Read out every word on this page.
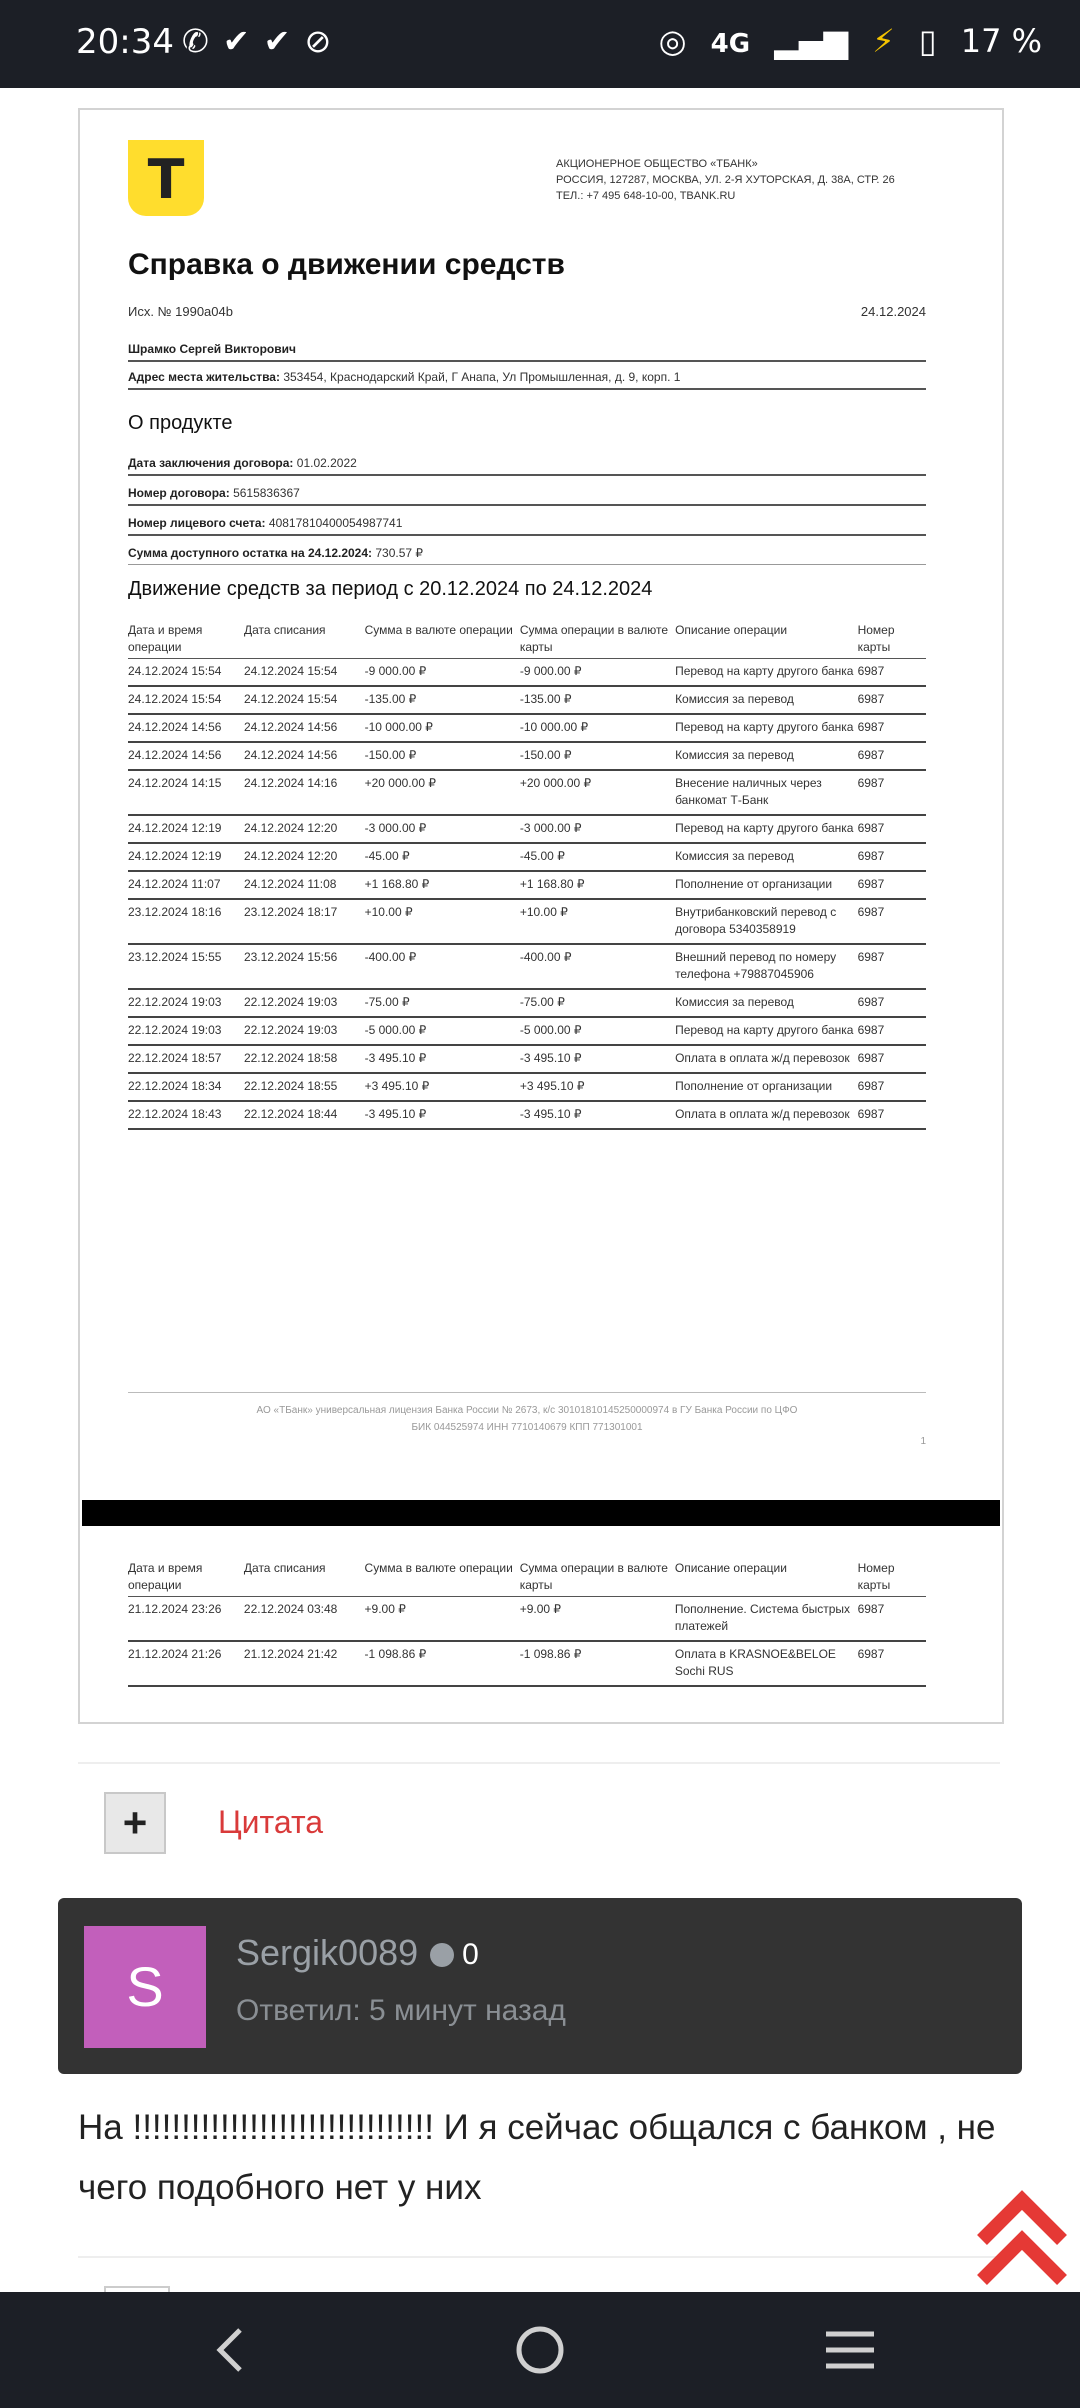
20:34 ✆✔✔⊘	◎ 4G ▂▄▆ ⚡ ▯ 17 %
T	АКЦИОНЕРНОЕ ОБЩЕСТВО «ТБАНК»
РОССИЯ, 127287, МОСКВА, УЛ. 2-Я ХУТОРСКАЯ, Д. 38А, СТР. 26
ТЕЛ.: +7 495 648-10-00, TBANK.RU
Справка о движении средств
Исх. № 1990a04b	24.12.2024
Шрамко Сергей Викторович
Адрес места жительства: 353454, Краснодарский Край, Г Анапа, Ул Промышленная, д. 9, корп. 1
О продукте
Дата заключения договора: 01.02.2022
Номер договора: 5615836367
Номер лицевого счета: 40817810400054987741
Сумма доступного остатка на 24.12.2024: 730.57 ₽
Движение средств за период с 20.12.2024 по 24.12.2024
Дата и время операции	Дата списания	Сумма в валюте операции	Сумма операции в валюте карты	Описание операции	Номер карты
24.12.2024 15:54	24.12.2024 15:54	-9 000.00 ₽	-9 000.00 ₽	Перевод на карту другого банка	6987
24.12.2024 15:54	24.12.2024 15:54	-135.00 ₽	-135.00 ₽	Комиссия за перевод	6987
24.12.2024 14:56	24.12.2024 14:56	-10 000.00 ₽	-10 000.00 ₽	Перевод на карту другого банка	6987
24.12.2024 14:56	24.12.2024 14:56	-150.00 ₽	-150.00 ₽	Комиссия за перевод	6987
24.12.2024 14:15	24.12.2024 14:16	+20 000.00 ₽	+20 000.00 ₽	Внесение наличных через банкомат Т-Банк	6987
24.12.2024 12:19	24.12.2024 12:20	-3 000.00 ₽	-3 000.00 ₽	Перевод на карту другого банка	6987
24.12.2024 12:19	24.12.2024 12:20	-45.00 ₽	-45.00 ₽	Комиссия за перевод	6987
24.12.2024 11:07	24.12.2024 11:08	+1 168.80 ₽	+1 168.80 ₽	Пополнение от организации	6987
23.12.2024 18:16	23.12.2024 18:17	+10.00 ₽	+10.00 ₽	Внутрибанковский перевод с договора 5340358919	6987
23.12.2024 15:55	23.12.2024 15:56	-400.00 ₽	-400.00 ₽	Внешний перевод по номеру телефона +79887045906	6987
22.12.2024 19:03	22.12.2024 19:03	-75.00 ₽	-75.00 ₽	Комиссия за перевод	6987
22.12.2024 19:03	22.12.2024 19:03	-5 000.00 ₽	-5 000.00 ₽	Перевод на карту другого банка	6987
22.12.2024 18:57	22.12.2024 18:58	-3 495.10 ₽	-3 495.10 ₽	Оплата в оплата ж/д перевозок	6987
22.12.2024 18:34	22.12.2024 18:55	+3 495.10 ₽	+3 495.10 ₽	Пополнение от организации	6987
22.12.2024 18:43	22.12.2024 18:44	-3 495.10 ₽	-3 495.10 ₽	Оплата в оплата ж/д перевозок	6987
АО «ТБанк» универсальная лицензия Банка России № 2673, к/с 30101810145250000974 в ГУ Банка России по ЦФО
БИК 044525974 ИНН 7710140679 КПП 771301001
1
Дата и время операции	Дата списания	Сумма в валюте операции	Сумма операции в валюте карты	Описание операции	Номер карты
21.12.2024 23:26	22.12.2024 03:48	+9.00 ₽	+9.00 ₽	Пополнение. Система быстрых платежей	6987
21.12.2024 21:26	21.12.2024 21:42	-1 098.86 ₽	-1 098.86 ₽	Оплата в KRASNOE&BELOE Sochi RUS	6987
+	Цитата
S
Sergik0089 0
Ответил: 5 минут назад
На !!!!!!!!!!!!!!!!!!!!!!!!!!!!!!! И я сейчас общался с банком , не чего подобного нет у них
